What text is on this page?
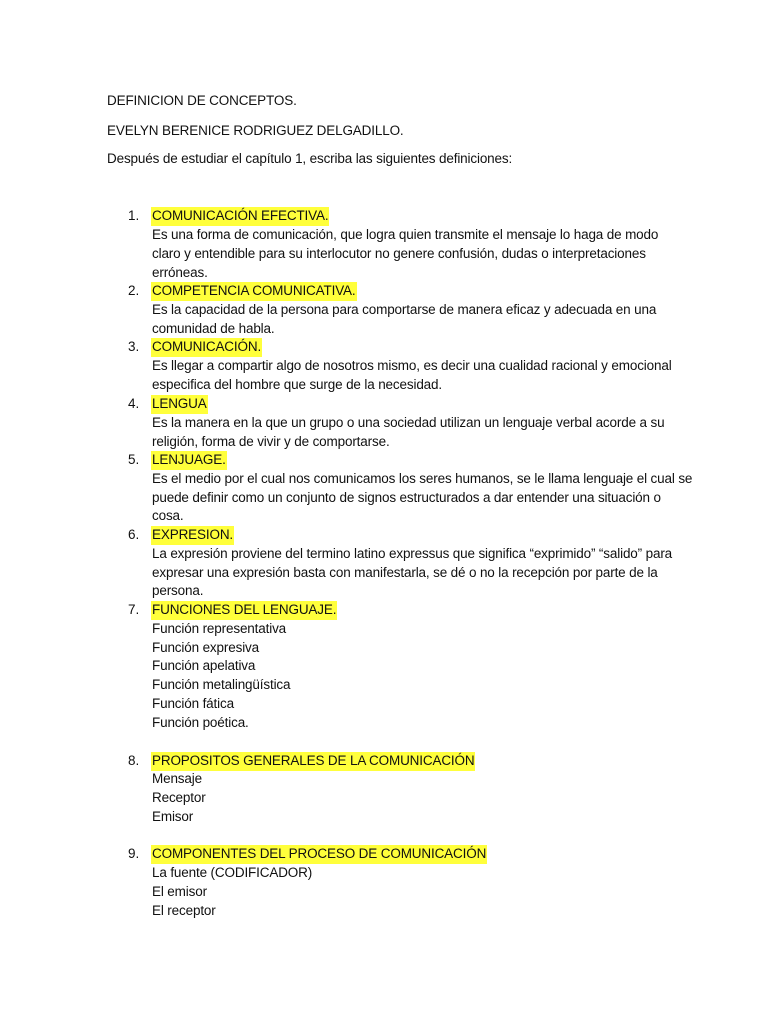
DEFINICION DE CONCEPTOS.
EVELYN BERENICE RODRIGUEZ DELGADILLO.
Después de estudiar el capítulo 1, escriba las siguientes definiciones:
1. COMUNICACIÓN EFECTIVA.
Es una forma de comunicación, que logra quien transmite el mensaje lo haga de modo
claro y entendible para su interlocutor no genere confusión, dudas o interpretaciones
erróneas.
2. COMPETENCIA COMUNICATIVA.
Es la capacidad de la persona para comportarse de manera eficaz y adecuada en una
comunidad de habla.
3. COMUNICACIÓN.
Es llegar a compartir algo de nosotros mismo, es decir una cualidad racional y emocional
especifica del hombre que surge de la necesidad.
4. LENGUA
Es la manera en la que un grupo o una sociedad utilizan un lenguaje verbal acorde a su
religión, forma de vivir y de comportarse.
5. LENJUAGE.
Es el medio por el cual nos comunicamos los seres humanos, se le llama lenguaje el cual se
puede definir como un conjunto de signos estructurados a dar entender una situación o
cosa.
6. EXPRESION.
La expresión proviene del termino latino expressus que significa “exprimido” “salido” para
expresar una expresión basta con manifestarla, se dé o no la recepción por parte de la
persona.
7. FUNCIONES DEL LENGUAJE.
Función representativa
Función expresiva
Función apelativa
Función metalingüística
Función fática
Función poética.
8. PROPOSITOS GENERALES DE LA COMUNICACIÓN
Mensaje
Receptor
Emisor
9. COMPONENTES DEL PROCESO DE COMUNICACIÓN
La fuente (CODIFICADOR)
El emisor
El receptor
